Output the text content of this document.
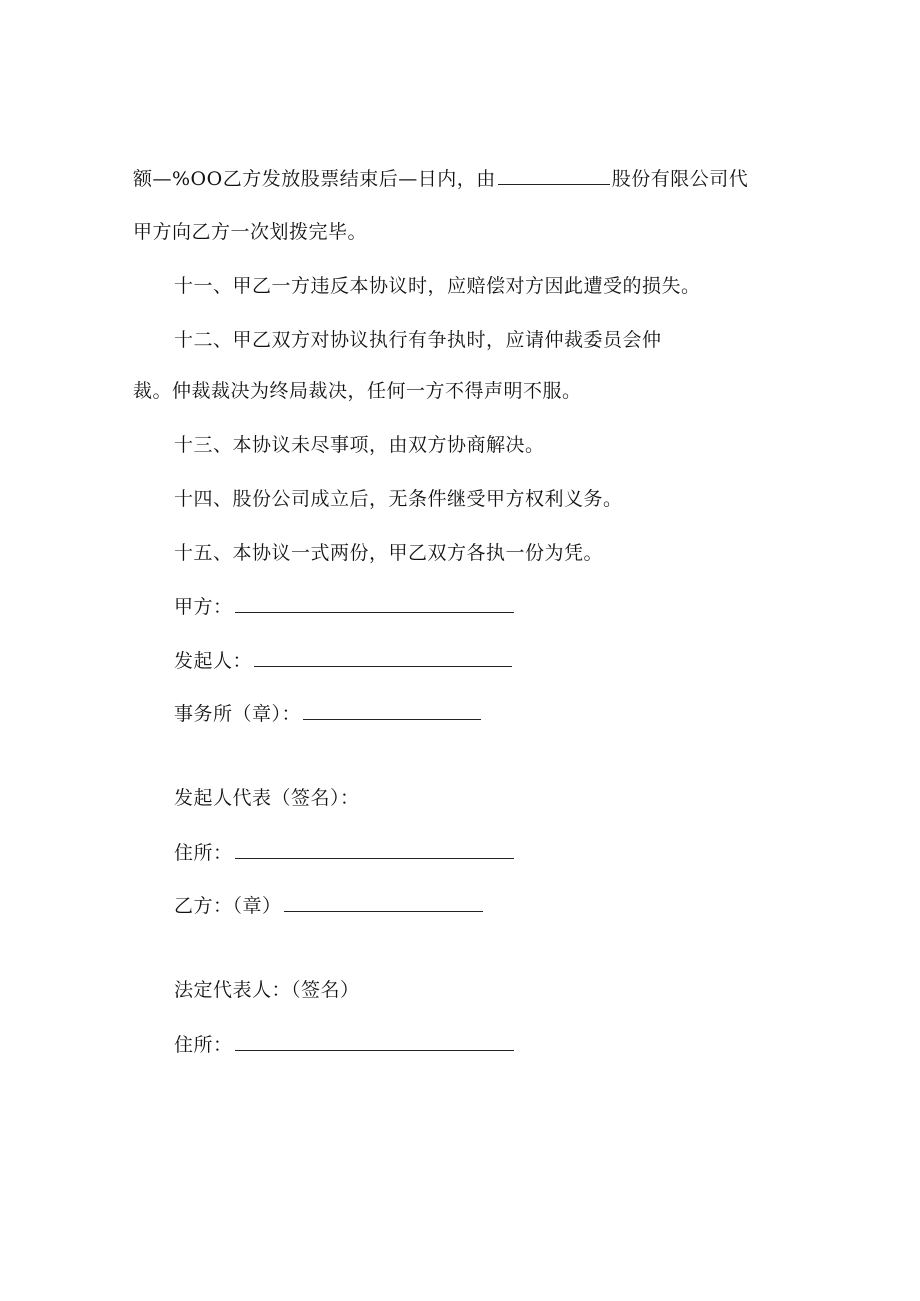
额—%OO乙方发放股票结束后—日内，由	股份有限公司代
甲方向乙方一次划拨完毕。
十一、甲乙一方违反本协议时，应赔偿对方因此遭受的损失。
十二、甲乙双方对协议执行有争执时，应请仲裁委员会仲
裁。仲裁裁决为终局裁决，任何一方不得声明不服。
十三、本协议未尽事项，由双方协商解决。
十四、股份公司成立后，无条件继受甲方权利义务。
十五、本协议一式两份，甲乙双方各执一份为凭。
甲方：
发起人：
事务所（章）：
发起人代表（签名）：
住所：
乙方：（章）
法定代表人：（签名）
住所：
